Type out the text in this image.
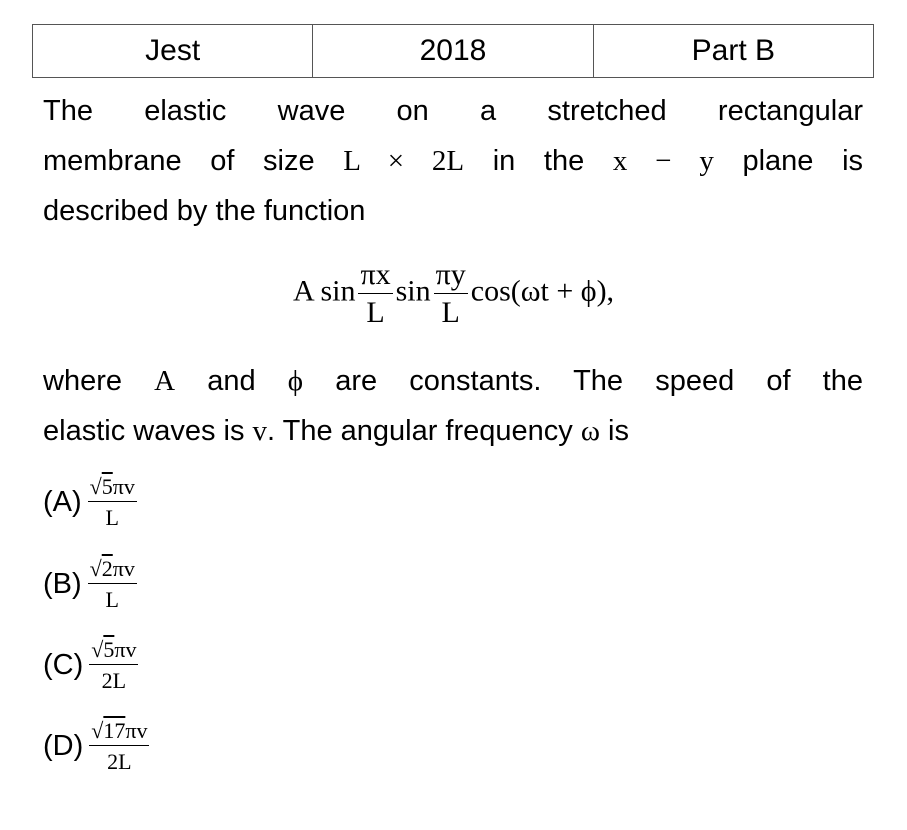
Jest	2018	Part B
The elastic wave on a stretched rectangular
membrane of size L × 2L in the x − y plane is
described by the function
A $\sin \frac{\pi x}{L}$ $\sin \frac{\pi y}{L} \cos(\omega t + \phi)$,
where A and ϕ are constants. The speed of the
elastic waves is v. The angular frequency ω is
$(A) \frac{√5\pi v}{L}$
$(B) \frac{√2\pi v}{L}$
$(C) \frac{√5\pi v}{2L}$
$(D) \frac{√17\pi v}{2L}$
